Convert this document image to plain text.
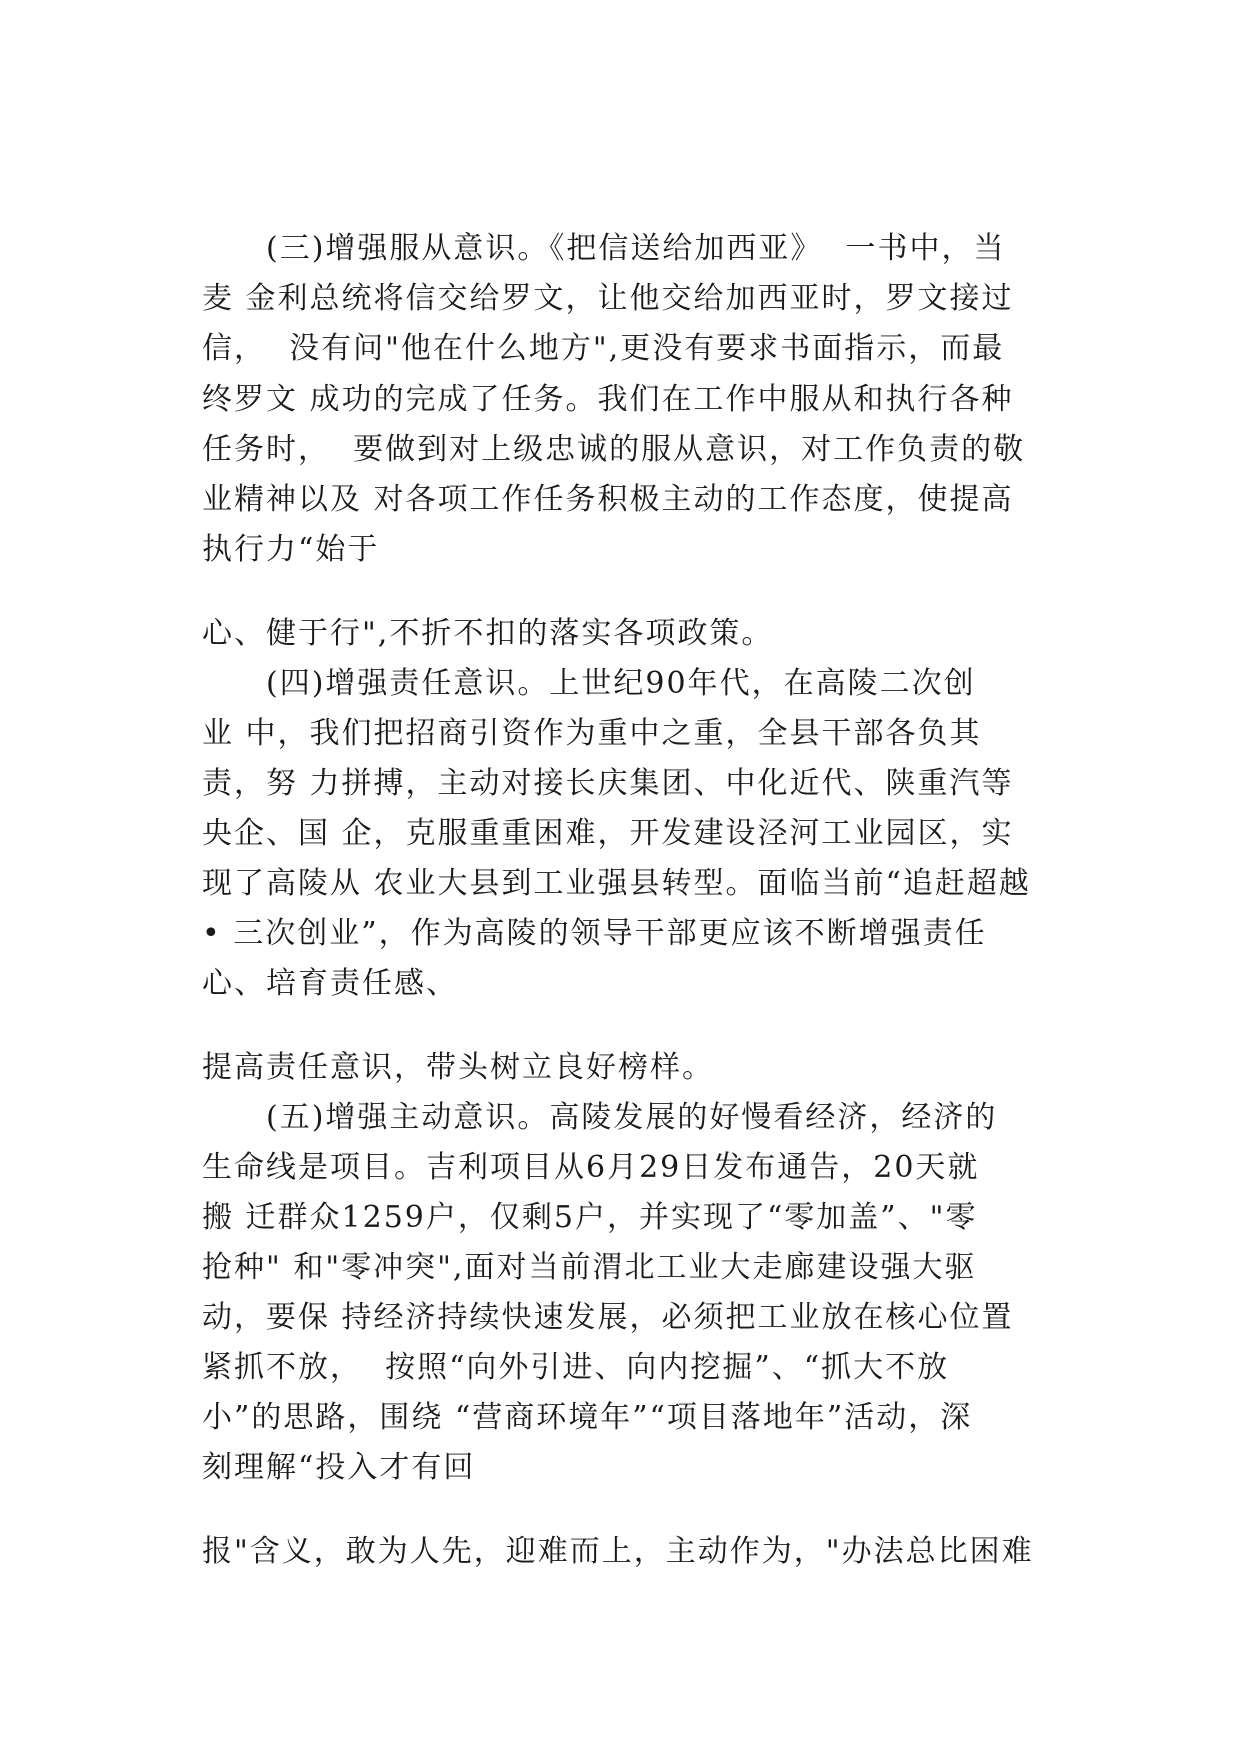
　　(三)增强服从意识。《把信送给加西亚》  一书中，当
麦 金利总统将信交给罗文，让他交给加西亚时，罗文接过
信，  没有问"他在什么地方",更没有要求书面指示，而最
终罗文 成功的完成了任务。我们在工作中服从和执行各种
任务时，  要做到对上级忠诚的服从意识，对工作负责的敬
业精神以及 对各项工作任务积极主动的工作态度，使提高
执行力“始于
心、健于行",不折不扣的落实各项政策。
　　(四)增强责任意识。上世纪90年代，在高陵二次创
业 中，我们把招商引资作为重中之重，全县干部各负其
责，努 力拼搏，主动对接长庆集团、中化近代、陕重汽等
央企、国 企，克服重重困难，开发建设泾河工业园区，实
现了高陵从 农业大县到工业强县转型。面临当前“追赶超越
• 三次创业”，作为高陵的领导干部更应该不断增强责任
心、培育责任感、
提高责任意识，带头树立良好榜样。
　　(五)增强主动意识。高陵发展的好慢看经济，经济的
生命线是项目。吉利项目从6月29日发布通告，20天就
搬 迁群众1259户，仅剩5户，并实现了“零加盖”、"零
抢种" 和"零冲突",面对当前渭北工业大走廊建设强大驱
动，要保 持经济持续快速发展，必须把工业放在核心位置
紧抓不放，  按照“向外引进、向内挖掘”、“抓大不放
小”的思路，围绕 “营商环境年”“项目落地年”活动，深
刻理解“投入才有回
报"含义，敢为人先，迎难而上，主动作为，"办法总比困难
